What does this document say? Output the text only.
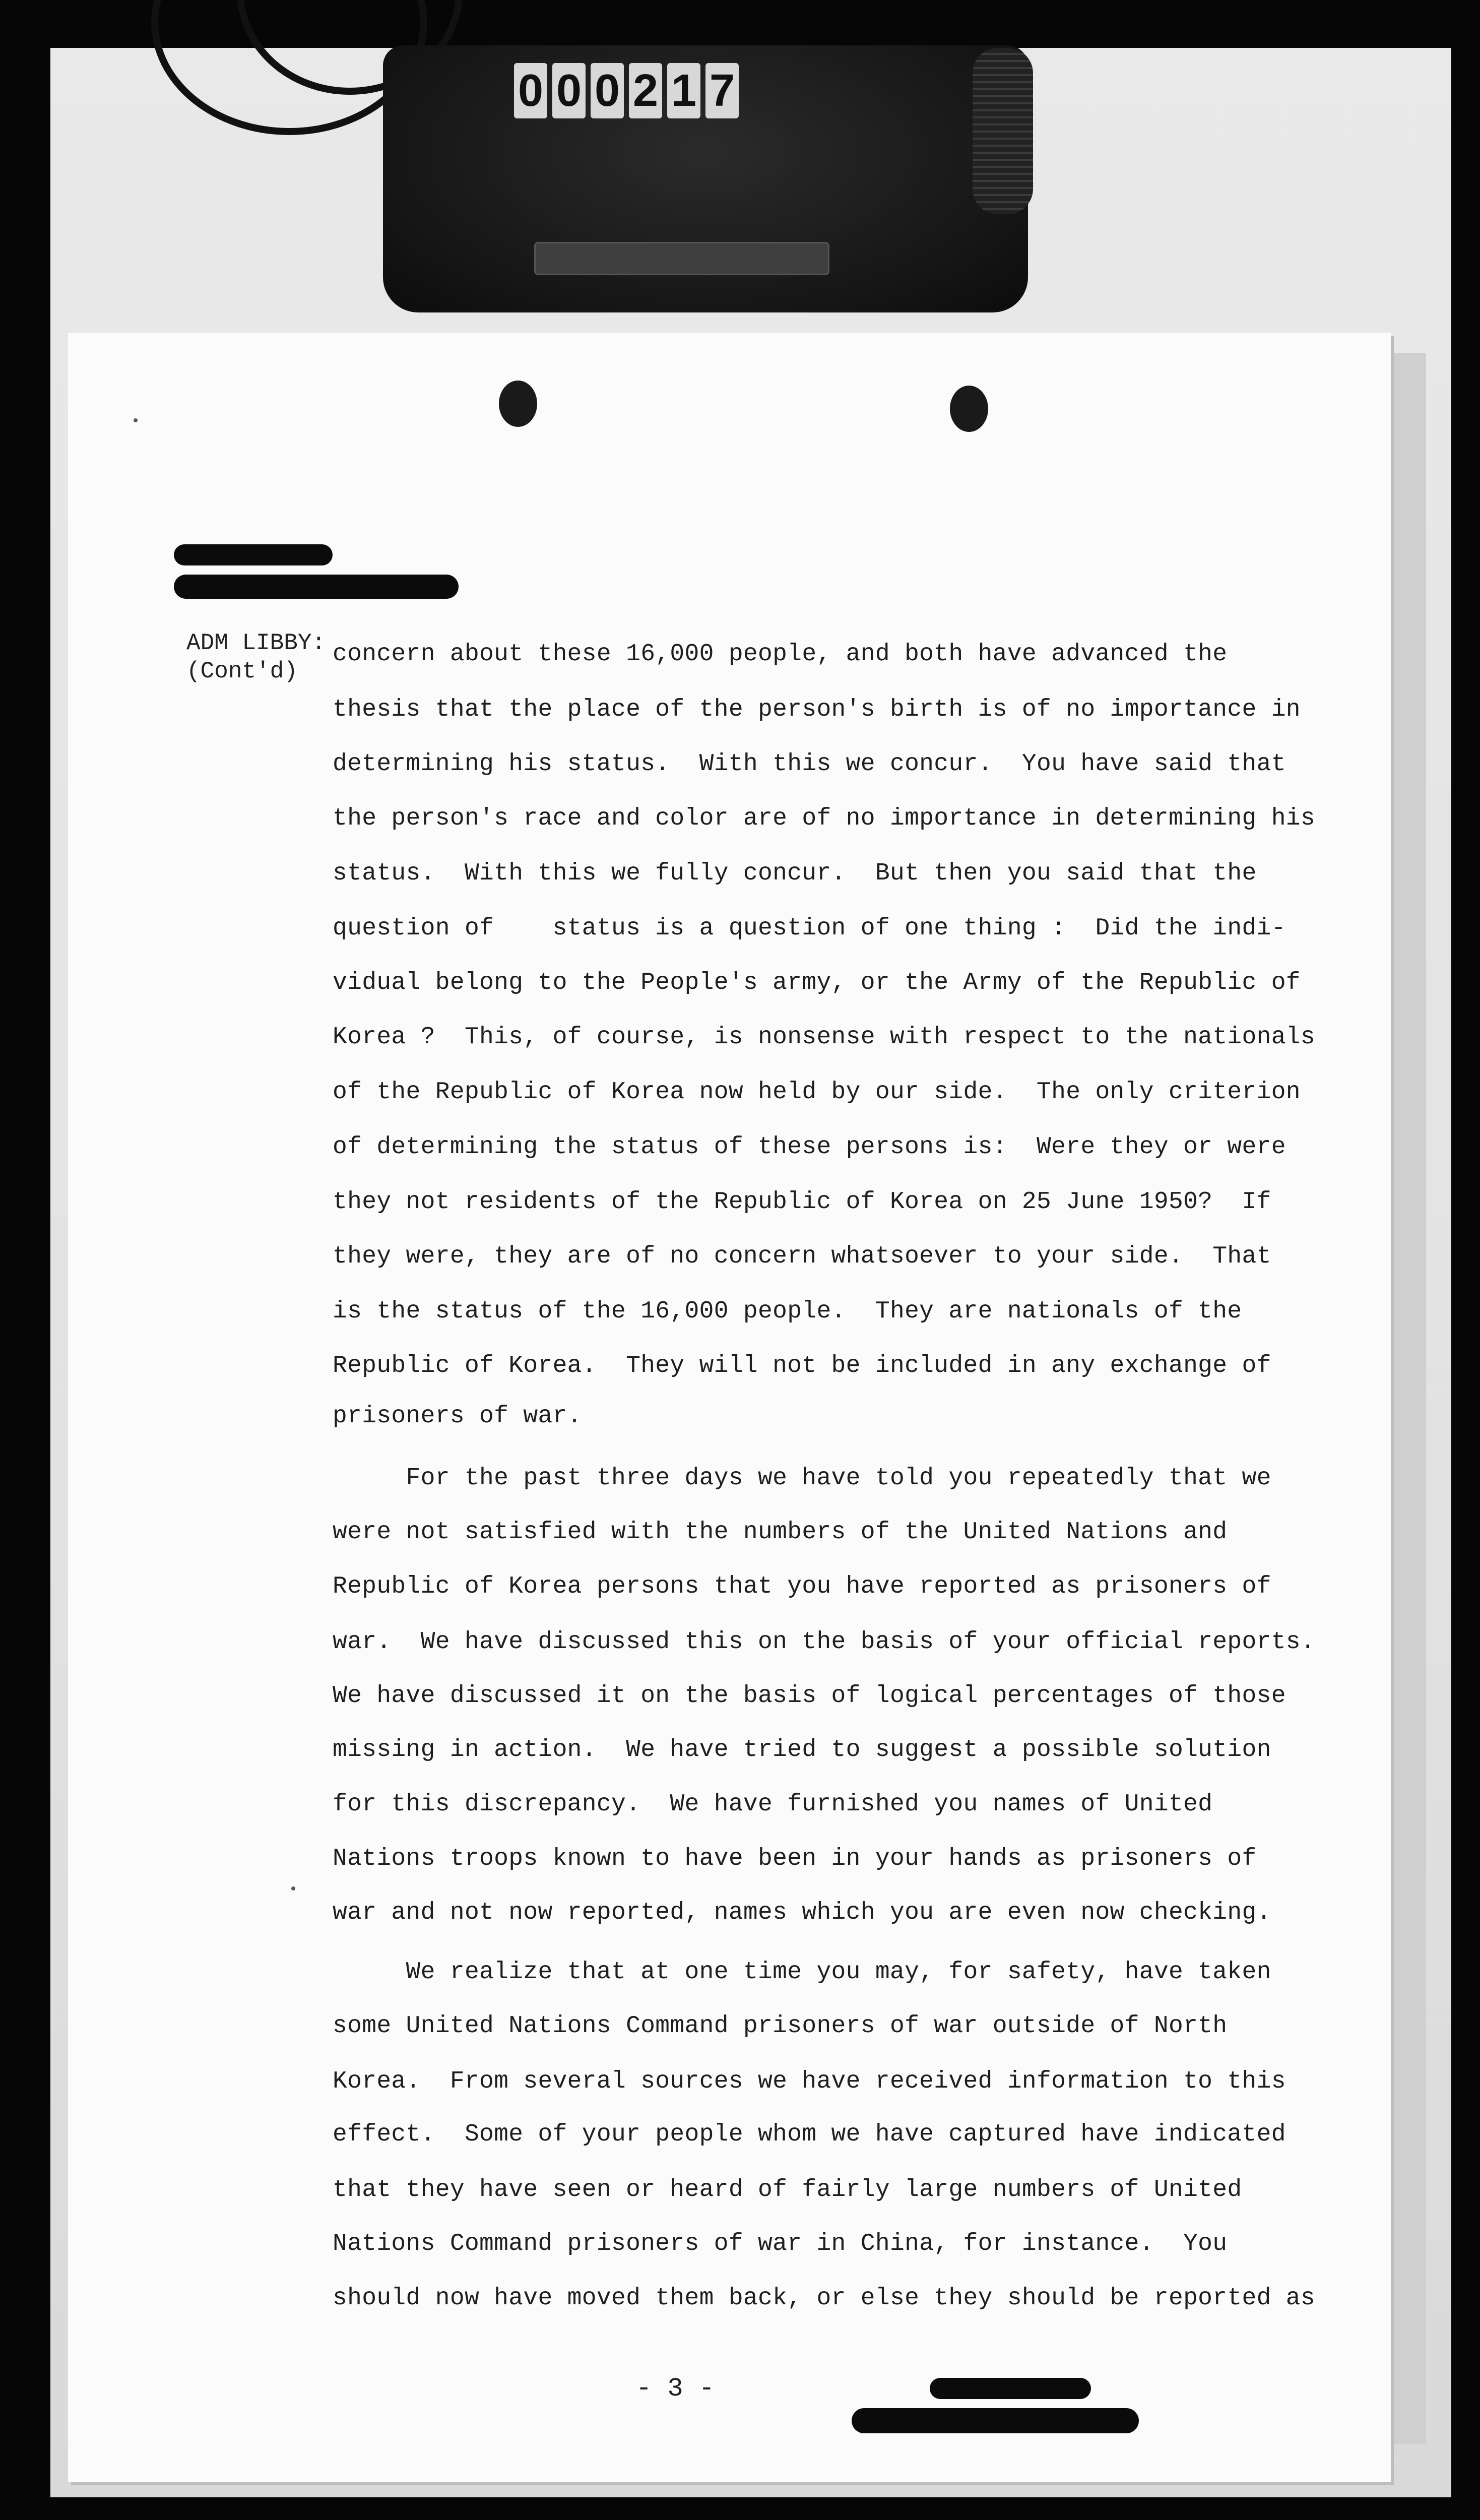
0 0 0 2 1 7
ADM LIBBY:
(Cont'd)
concern about these 16,000 people, and both have advanced the
thesis that the place of the person's birth is of no importance in
determining his status.  With this we concur.  You have said that
the person's race and color are of no importance in determining his
status.  With this we fully concur.  But then you said that the
question of    status is a question of one thing :  Did the indi-
vidual belong to the People's army, or the Army of the Republic of
Korea ?  This, of course, is nonsense with respect to the nationals
of the Republic of Korea now held by our side.  The only criterion
of determining the status of these persons is:  Were they or were
they not residents of the Republic of Korea on 25 June 1950?  If
they were, they are of no concern whatsoever to your side.  That
is the status of the 16,000 people.  They are nationals of the
Republic of Korea.  They will not be included in any exchange of
prisoners of war.
For the past three days we have told you repeatedly that we
were not satisfied with the numbers of the United Nations and
Republic of Korea persons that you have reported as prisoners of
war.  We have discussed this on the basis of your official reports.
We have discussed it on the basis of logical percentages of those
missing in action.  We have tried to suggest a possible solution
for this discrepancy.  We have furnished you names of United
Nations troops known to have been in your hands as prisoners of
war and not now reported, names which you are even now checking.
We realize that at one time you may, for safety, have taken
some United Nations Command prisoners of war outside of North
Korea.  From several sources we have received information to this
effect.  Some of your people whom we have captured have indicated
that they have seen or heard of fairly large numbers of United
Nations Command prisoners of war in China, for instance.  You
should now have moved them back, or else they should be reported as
- 3 -
